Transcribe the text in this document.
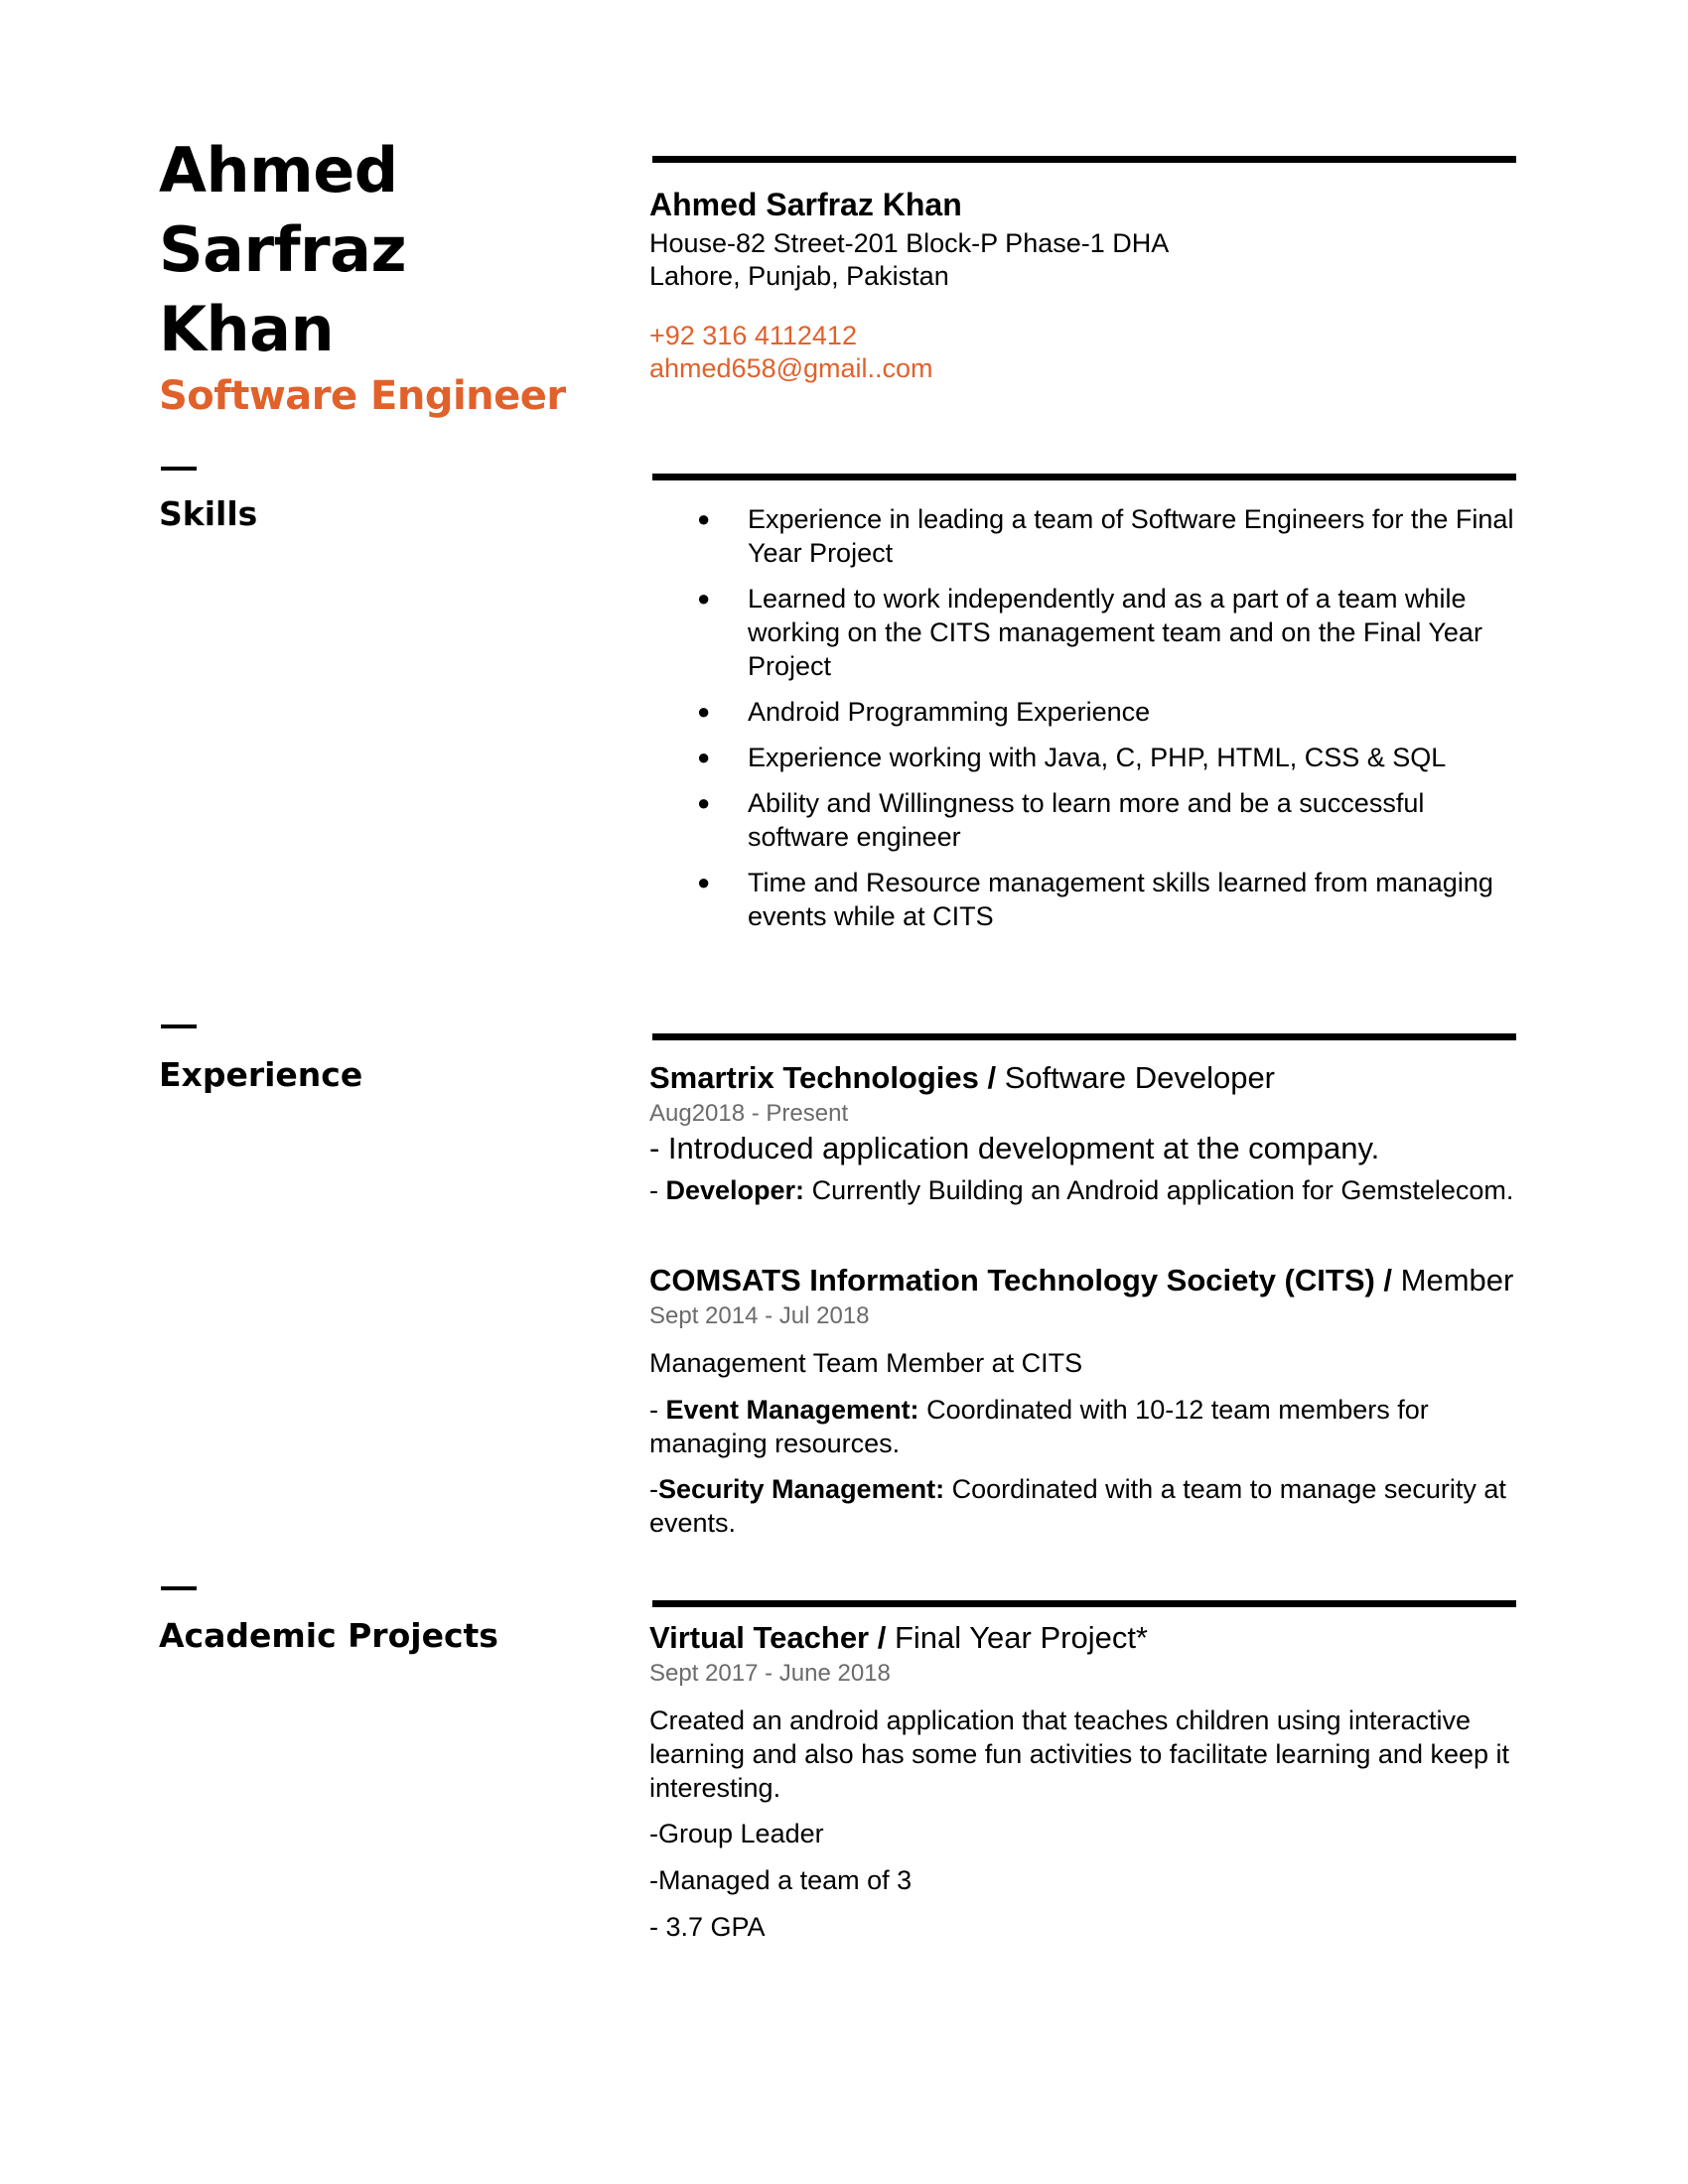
Ahmed
Sarfraz
Khan
Software Engineer
Skills
Experience
Academic Projects
Ahmed Sarfraz Khan
House-82 Street-201 Block-P Phase-1 DHA
Lahore, Punjab, Pakistan
+92 316 4112412
ahmed658@gmail..com
● Experience in leading a team of Software Engineers for the Final
Year Project
● Learned to work independently and as a part of a team while
working on the CITS management team and on the Final Year
Project
● Android Programming Experience
● Experience working with Java, C, PHP, HTML, CSS & SQL
● Ability and Willingness to learn more and be a successful
software engineer
● Time and Resource management skills learned from managing
events while at CITS
Smartrix Technologies / Software Developer
Aug2018 - Present
- Introduced application development at the company.
- Developer: Currently Building an Android application for Gemstelecom.
COMSATS Information Technology Society (CITS) / Member
Sept 2014 - Jul 2018
Management Team Member at CITS
- Event Management: Coordinated with 10-12 team members for
managing resources.
-Security Management: Coordinated with a team to manage security at
events.
Virtual Teacher / Final Year Project*
Sept 2017 - June 2018
Created an android application that teaches children using interactive
learning and also has some fun activities to facilitate learning and keep it
interesting.
-Group Leader
-Managed a team of 3
- 3.7 GPA
